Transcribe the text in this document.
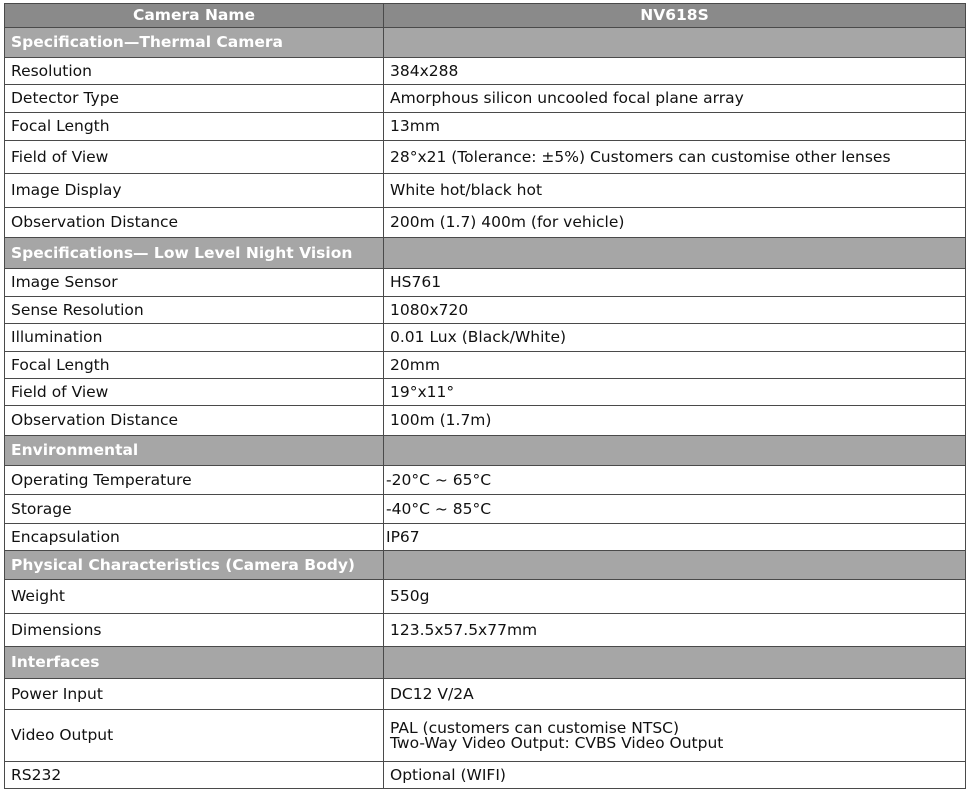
Camera Name	NV618S
Specification—Thermal Camera	
Resolution	384x288
Detector Type	Amorphous silicon uncooled focal plane array
Focal Length	13mm
Field of View	28°x21 (Tolerance: ±5%) Customers can customise other lenses
Image Display	White hot/black hot
Observation Distance	200m (1.7) 400m (for vehicle)
Specifications— Low Level Night Vision	
Image Sensor	HS761
Sense Resolution	1080x720
Illumination	0.01 Lux (Black/White)
Focal Length	20mm
Field of View	19°x11°
Observation Distance	100m (1.7m)
Environmental	
Operating Temperature	-20°C ~ 65°C
Storage	-40°C ~ 85°C
Encapsulation	IP67
Physical Characteristics (Camera Body)	
Weight	550g
Dimensions	123.5x57.5x77mm
Interfaces	
Power Input	DC12 V/2A
Video Output	PAL (customers can customise NTSC)
Two-Way Video Output: CVBS Video Output

RS232	Optional (WIFI)
